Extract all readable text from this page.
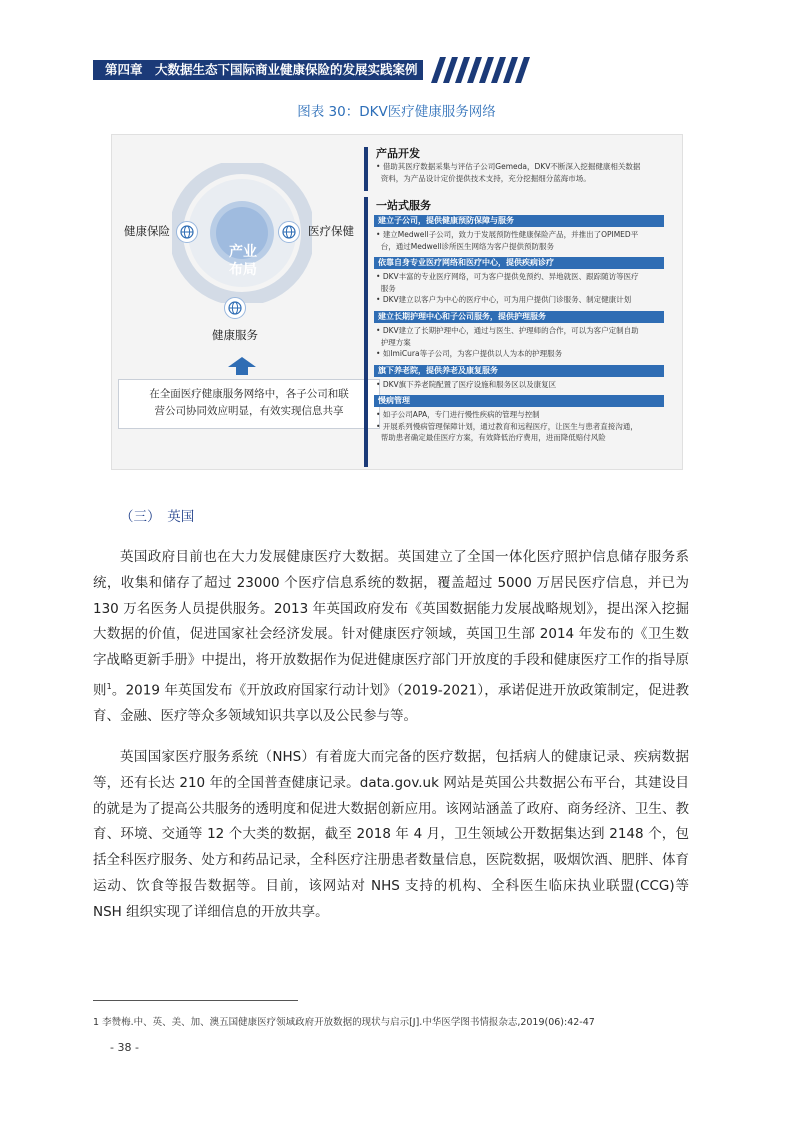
第四章　大数据生态下国际商业健康保险的发展实践案例
图表 30：DKV医疗健康服务网络
产业
布局
健康保险	医疗保健
健康服务
在全面医疗健康服务网络中，各子公司和联
营公司协同效应明显，有效实现信息共享
产品开发
• 借助其医疗数据采集与评估子公司Gemeda，DKV不断深入挖掘健康相关数据
资料，为产品设计定价提供技术支持，充分挖掘细分蓝海市场。
一站式服务
建立子公司，提供健康预防保障与服务
• 建立Medwell子公司，致力于发展预防性健康保险产品，并推出了OPIMED平
台，通过Medwell诊所医生网络为客户提供预防服务
依靠自身专业医疗网络和医疗中心，提供疾病诊疗
• DKV丰富的专业医疗网络，可为客户提供免预约、异地就医、跟踪随访等医疗
服务
• DKV建立以客户为中心的医疗中心，可为用户提供门诊服务、制定健康计划
建立长期护理中心和子公司服务，提供护理服务
• DKV建立了长期护理中心，通过与医生、护理师的合作，可以为客户定制自助
护理方案
• 如ImiCura等子公司，为客户提供以人为本的护理服务
旗下养老院，提供养老及康复服务
• DKV旗下养老院配置了医疗设施和服务区以及康复区
慢病管理
• 如子公司APA，专门进行慢性疾病的管理与控制
• 开展系列慢病管理保障计划，通过教育和远程医疗，让医生与患者直接沟通，
帮助患者确定最佳医疗方案，有效降低治疗费用，进而降低赔付风险
（三）　英国

英国政府目前也在大力发展健康医疗大数据。英国建立了全国一体化医疗照护信息储存服务系统，收集和储存了超过 23000 个医疗信息系统的数据，覆盖超过 5000 万居民医疗信息，并已为 130 万名医务人员提供服务。2013 年英国政府发布《英国数据能力发展战略规划》，提出深入挖掘大数据的价值，促进国家社会经济发展。针对健康医疗领域，英国卫生部 2014 年发布的《卫生数字战略更新手册》中提出，将开放数据作为促进健康医疗部门开放度的手段和健康医疗工作的指导原则$^1$。2019 年英国发布《开放政府国家行动计划》（2019-2021），承诺促进开放政策制定，促进教育、金融、医疗等众多领域知识共享以及公民参与等。

英国国家医疗服务系统（NHS）有着庞大而完备的医疗数据，包括病人的健康记录、疾病数据等，还有长达 210 年的全国普查健康记录。data.gov.uk 网站是英国公共数据公布平台，其建设目的就是为了提高公共服务的透明度和促进大数据创新应用。该网站涵盖了政府、商务经济、卫生、教育、环境、交通等 12 个大类的数据，截至 2018 年 4 月，卫生领域公开数据集达到 2148 个，包括全科医疗服务、处方和药品记录，全科医疗注册患者数量信息，医院数据，吸烟饮酒、肥胖、体育运动、饮食等报告数据等。目前，该网站对 NHS 支持的机构、全科医生临床执业联盟(CCG)等 NSH 组织实现了详细信息的开放共享。

1 李赞梅.中、英、美、加、澳五国健康医疗领域政府开放数据的现状与启示[J].中华医学图书情报杂志,2019(06):42-47
- 38 -
